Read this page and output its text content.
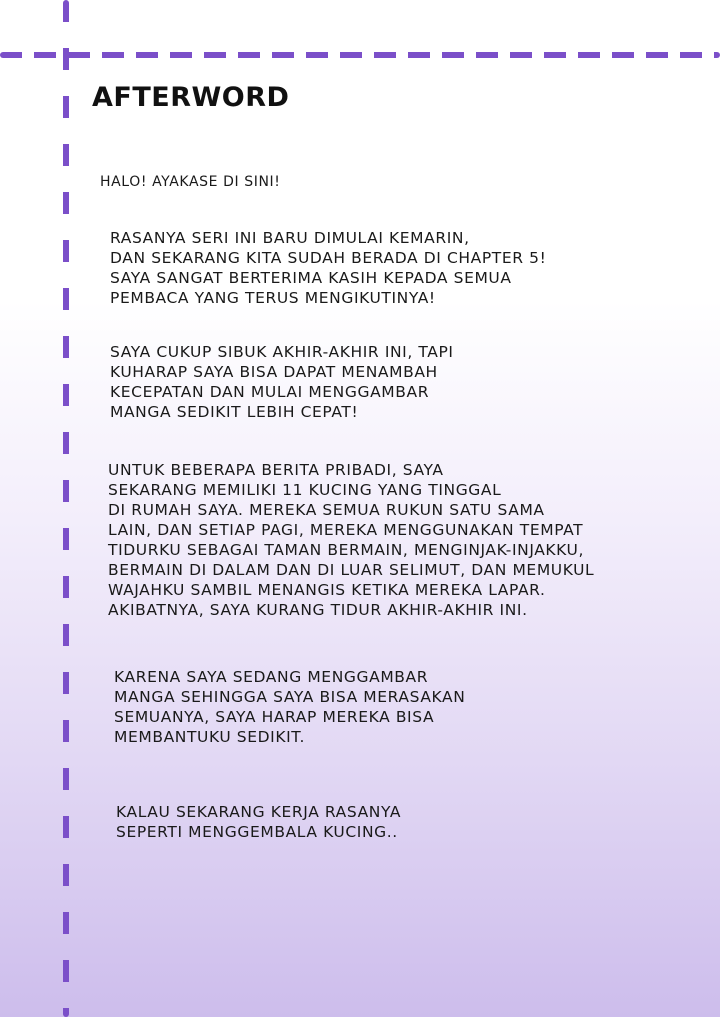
AFTERWORD
HALO! AYAKASE DI SINI!
RASANYA SERI INI BARU DIMULAI KEMARIN,
DAN SEKARANG KITA SUDAH BERADA DI CHAPTER 5!
SAYA SANGAT BERTERIMA KASIH KEPADA SEMUA
PEMBACA YANG TERUS MENGIKUTINYA!
SAYA CUKUP SIBUK AKHIR-AKHIR INI, TAPI
KUHARAP SAYA BISA DAPAT MENAMBAH
KECEPATAN DAN MULAI MENGGAMBAR
MANGA SEDIKIT LEBIH CEPAT!
UNTUK BEBERAPA BERITA PRIBADI, SAYA
SEKARANG MEMILIKI 11 KUCING YANG TINGGAL
DI RUMAH SAYA. MEREKA SEMUA RUKUN SATU SAMA
LAIN, DAN SETIAP PAGI, MEREKA MENGGUNAKAN TEMPAT
TIDURKU SEBAGAI TAMAN BERMAIN, MENGINJAK-INJAKKU,
BERMAIN DI DALAM DAN DI LUAR SELIMUT, DAN MEMUKUL
WAJAHKU SAMBIL MENANGIS KETIKA MEREKA LAPAR.
AKIBATNYA, SAYA KURANG TIDUR AKHIR-AKHIR INI.
KARENA SAYA SEDANG MENGGAMBAR
MANGA SEHINGGA SAYA BISA MERASAKAN
SEMUANYA, SAYA HARAP MEREKA BISA
MEMBANTUKU SEDIKIT.
KALAU SEKARANG KERJA RASANYA
SEPERTI MENGGEMBALA KUCING..
